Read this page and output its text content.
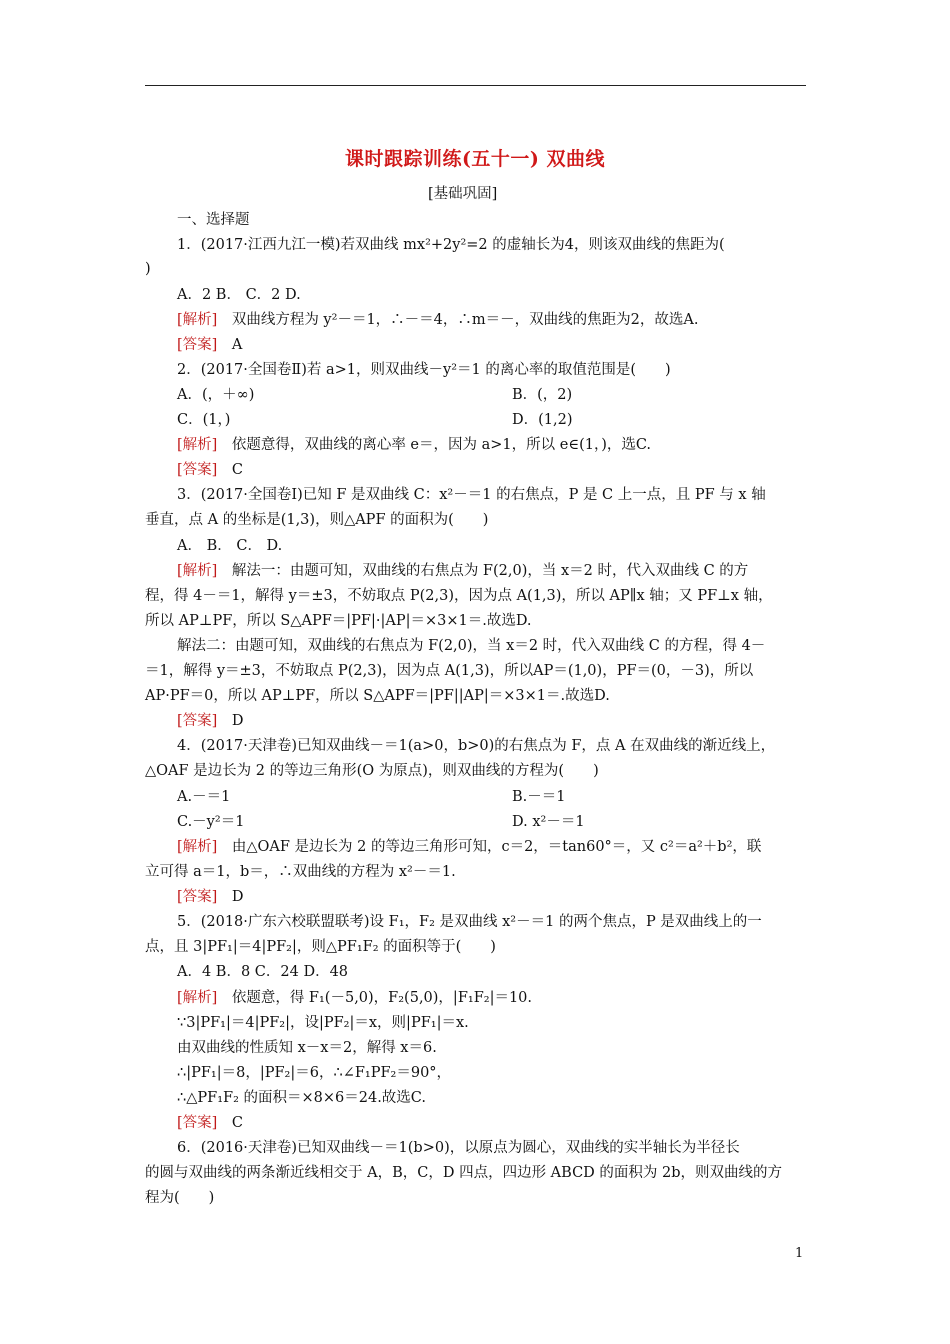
课时跟踪训练(五十一) 双曲线
[基础巩固]
一、选择题
1．(2017·江西九江一模)若双曲线 mx²+2y²=2 的虚轴长为4，则该双曲线的焦距为(
)
A．2 B． C．2 D.
[解析]　 双曲线方程为 y²－＝1，∴－＝4，∴m＝－，双曲线的焦距为2，故选A.
[答案]　 A
2．(2017·全国卷Ⅱ)若 a>1，则双曲线－y²＝1 的离心率的取值范围是(　　)
A．(，＋∞)	B．(，2)
C．(1，)	D．(1,2)
[解析]　 依题意得，双曲线的离心率 e＝，因为 a>1，所以 e∈(1，)，选C.
[答案]　 C
3．(2017·全国卷Ⅰ)已知 F 是双曲线 C：x²－＝1 的右焦点，P 是 C 上一点，且 PF 与 x 轴
垂直，点 A 的坐标是(1,3)，则△APF 的面积为(　　)
A． B． C． D.
[解析]　 解法一：由题可知，双曲线的右焦点为 F(2,0)，当 x＝2 时，代入双曲线 C 的方
程，得 4－＝1，解得 y＝±3，不妨取点 P(2,3)，因为点 A(1,3)，所以 AP∥x 轴；又 PF⊥x 轴，
所以 AP⊥PF，所以 S△APF＝|PF|·|AP|＝×3×1＝.故选D.
解法二：由题可知，双曲线的右焦点为 F(2,0)，当 x＝2 时，代入双曲线 C 的方程，得 4－
＝1，解得 y＝±3，不妨取点 P(2,3)，因为点 A(1,3)，所以AP＝(1,0)，PF＝(0，－3)，所以
AP·PF＝0，所以 AP⊥PF，所以 S△APF＝|PF||AP|＝×3×1＝.故选D.
[答案]　 D
4．(2017·天津卷)已知双曲线－＝1(a>0，b>0)的右焦点为 F，点 A 在双曲线的渐近线上，
△OAF 是边长为 2 的等边三角形(O 为原点)，则双曲线的方程为(　　)
A.－＝1	B.－＝1
C.－y²＝1	D. x²－＝1
[解析]　 由△OAF 是边长为 2 的等边三角形可知，c＝2，＝tan60°＝，又 c²＝a²＋b²，联
立可得 a＝1，b＝，∴双曲线的方程为 x²－＝1.
[答案]　 D
5．(2018·广东六校联盟联考)设 F₁，F₂ 是双曲线 x²－＝1 的两个焦点，P 是双曲线上的一
点，且 3|PF₁|＝4|PF₂|，则△PF₁F₂ 的面积等于(　　)
A．4 B．8 C．24 D．48
[解析]　 依题意，得 F₁(－5,0)，F₂(5,0)，|F₁F₂|＝10.
∵3|PF₁|＝4|PF₂|，设|PF₂|＝x，则|PF₁|＝x.
由双曲线的性质知 x－x＝2，解得 x＝6.
∴|PF₁|＝8，|PF₂|＝6，∴∠F₁PF₂＝90°，
∴△PF₁F₂ 的面积＝×8×6＝24.故选C.
[答案]　 C
6．(2016·天津卷)已知双曲线－＝1(b>0)，以原点为圆心，双曲线的实半轴长为半径长
的圆与双曲线的两条渐近线相交于 A，B，C，D 四点，四边形 ABCD 的面积为 2b，则双曲线的方
程为(　　)
1
